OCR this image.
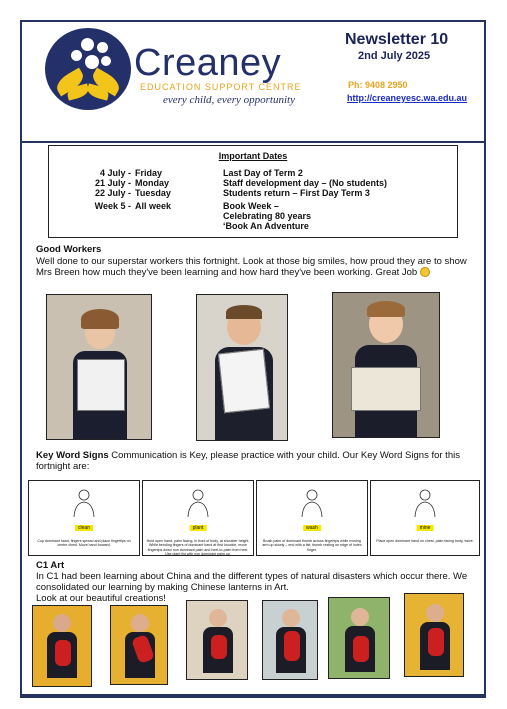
Creaney
EDUCATION SUPPORT CENTRE
every child, every opportunity
Newsletter 10
2nd July 2025
Ph: 9408 2950
http://creaneyesc.wa.edu.au
Important Dates
4 July - Friday	Last Day of Term 2
21 July - Monday	Staff development day – (No students)
22 July - Tuesday	Students return – First Day Term 3
Week 5 - All week	Book Week –
Celebrating 80 years
‘Book An Adventure
Good Workers
Well done to our superstar workers this fortnight. Look at those big smiles, how proud they are to show Mrs Breen how much they've been learning and how hard they've been working. Great Job
Key Word Signs Communication is Key, please practice with your child. Our Key Word Signs for this fortnight are:
clean
Cup dominant hand, fingers spread and place fingertips on centre chest. Move hand forward.
plant
Hold open hand, palm facing, in front of body, at shoulder height. While bending fingers of dominant hand at first knuckle, move fingertips down non dominant palm and heel-to-palm from heel. Use plant fist with non dominant palm up.
wash
Brush palm of dominant thumb across fingertips while moving arm up slowly – end with a fist, thumb resting on edge of index finger.
mine
Place open dominant hand on chest, palm facing body, twice.
C1 Art
In C1 had been learning about China and the different types of natural disasters which occur there. We consolidated our learning by making Chinese lanterns in Art.
Look at our beautiful creations!
